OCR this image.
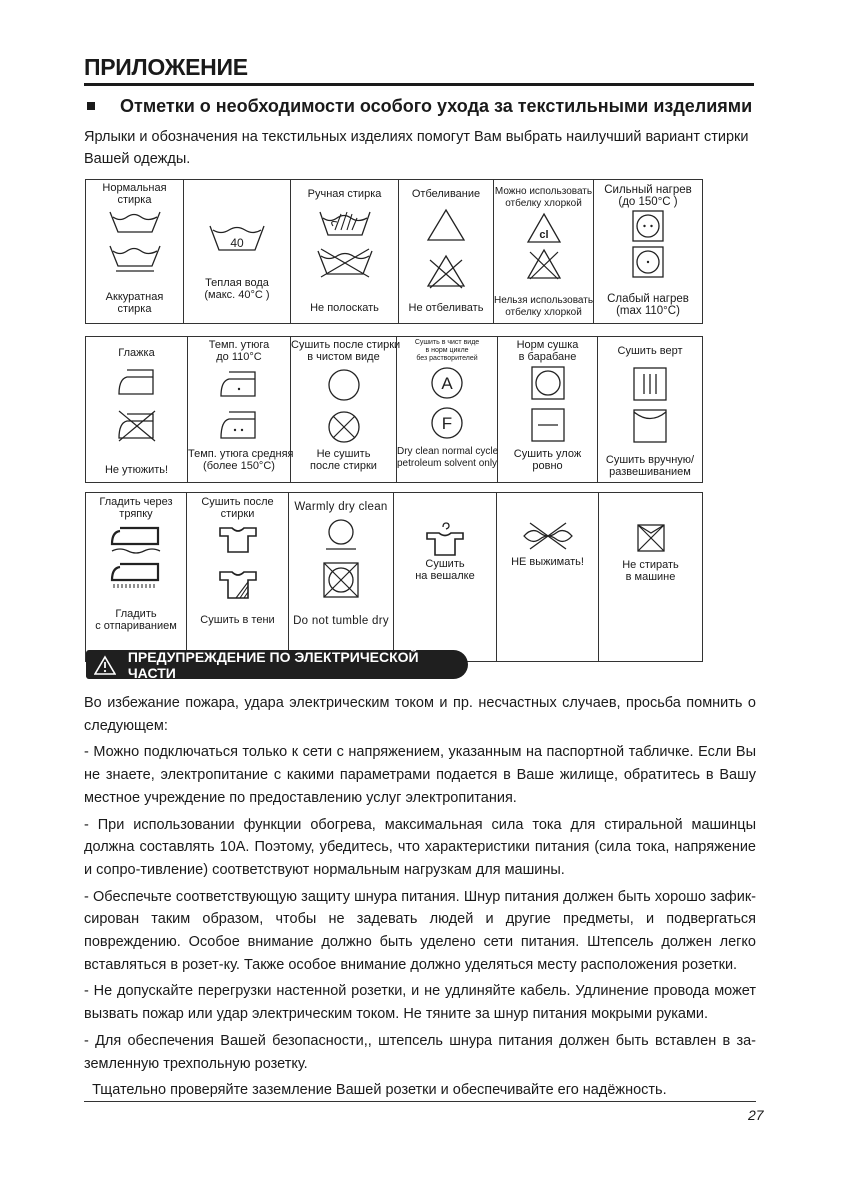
ПРИЛОЖЕНИЕ
Отметки о необходимости особого ухода за текстильными изделиями
Ярлыки и обозначения на текстильных изделиях помогут Вам выбрать наилучший вариант стирки
Вашей одежды.
Нормальная
стирка
Аккуратная
стирка

40
Теплая вода
(макс. 40°С )

Ручная стирка
Не полоскать

Отбеливание
Не отбеливать

Можно использовать
отбелку хлоркой
cl
Нельзя использовать
отбелку хлоркой

Сильный нагрев
(до 150°С )
Слабый нагрев
(max 110°С)
Глажка
Не утюжить!

Темп. утюга
до 110°С
Темп. утюга средняя
(более 150°С)

Сушить после стирки
в чистом виде
Не сушить
после стирки

Сушить в чист виде
в норм цикле
без растворителей
A
F
Dry clean normal cycle
petroleum solvent only

Норм сушка
в барабане
Сушить улож
ровно

Сушить верт
Сушить вручную/
развешиванием
Гладить через
тряпку
Гладить
с отпариванием

Сушить после
стирки
Сушить в тени

Warmly dry clean
Do not tumble dry

Сушить
на вешалке

НЕ выжимать!	Не стирать
в машине
ПРЕДУПРЕЖДЕНИЕ ПО ЭЛЕКТРИЧЕСКОЙ ЧАСТИ

Во избежание пожара, удара электрическим током и пр. несчастных случаев, просьба помнить о следующем:

- Можно подключаться только к сети с напряжением, указанным на паспортной табличке. Если Вы не знаете, электропитание с какими параметрами подается в Ваше жилище, обратитесь в Вашу местное учреждение по предоставлению услуг электропитания.

- При использовании функции обогрева, максимальная сила тока для стиральной машинцы должна составлять 10А. Поэтому, убедитесь, что характеристики питания (сила тока, напряжение и сопро-тивление) соответствуют нормальным нагрузкам для машины.

- Обеспечьте соответствующую защиту шнура питания. Шнур питания должен быть хорошо зафик-сирован таким образом, чтобы не задевать людей и другие предметы, и подвергаться повреждению. Особое внимание должно быть уделено сети питания. Штепсель должен легко вставляться в розет-ку. Также особое внимание должно уделяться месту расположения розетки.

- Не допускайте перегрузки настенной розетки, и не удлиняйте кабель. Удлинение провода может вызвать пожар или удар электрическим током. Не тяните за шнур питания мокрыми руками.

- Для обеспечения Вашей безопасности,, штепсель шнура питания должен быть вставлен в за-земленную трехпольную розетку.

Тщательно проверяйте заземление Вашей розетки и обеспечивайте его надёжность.

27
